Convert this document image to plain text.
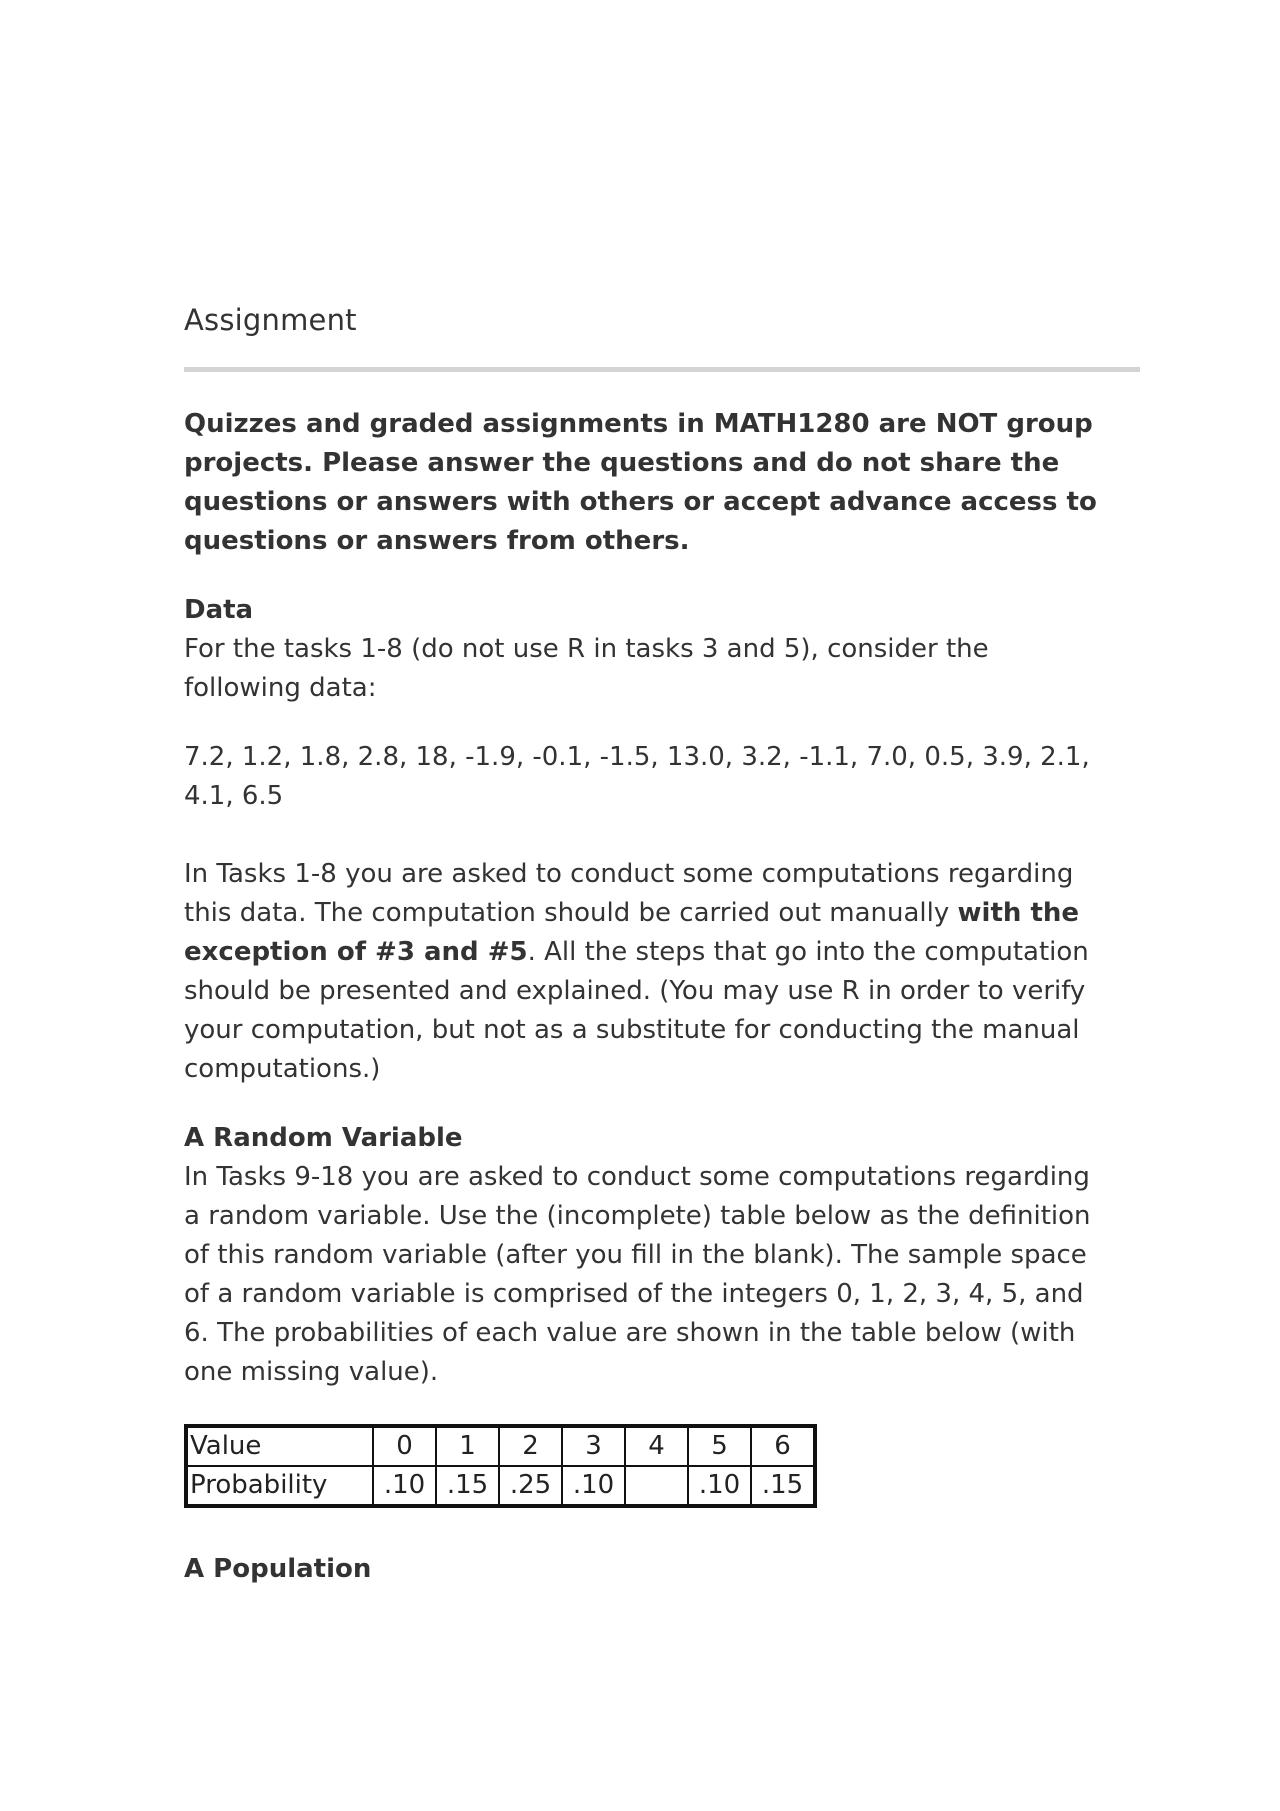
Assignment
Quizzes and graded assignments in MATH1280 are NOT group projects. Please answer the questions and do not share the questions or answers with others or accept advance access to questions or answers from others.
Data
For the tasks 1-8 (do not use R in tasks 3 and 5), consider the following data:
7.2, 1.2, 1.8, 2.8, 18, -1.9, -0.1, -1.5, 13.0, 3.2, -1.1, 7.0, 0.5, 3.9, 2.1, 4.1, 6.5
In Tasks 1-8 you are asked to conduct some computations regarding this data. The computation should be carried out manually with the exception of #3 and #5. All the steps that go into the computation should be presented and explained. (You may use R in order to verify your computation, but not as a substitute for conducting the manual computations.)
A Random Variable
In Tasks 9-18 you are asked to conduct some computations regarding a random variable. Use the (incomplete) table below as the definition of this random variable (after you fill in the blank). The sample space of a random variable is comprised of the integers 0, 1, 2, 3, 4, 5, and 6. The probabilities of each value are shown in the table below (with one missing value).
Value	0	1	2	3	4	5	6
Probability	.10	.15	.25	.10		.10	.15
A Population
